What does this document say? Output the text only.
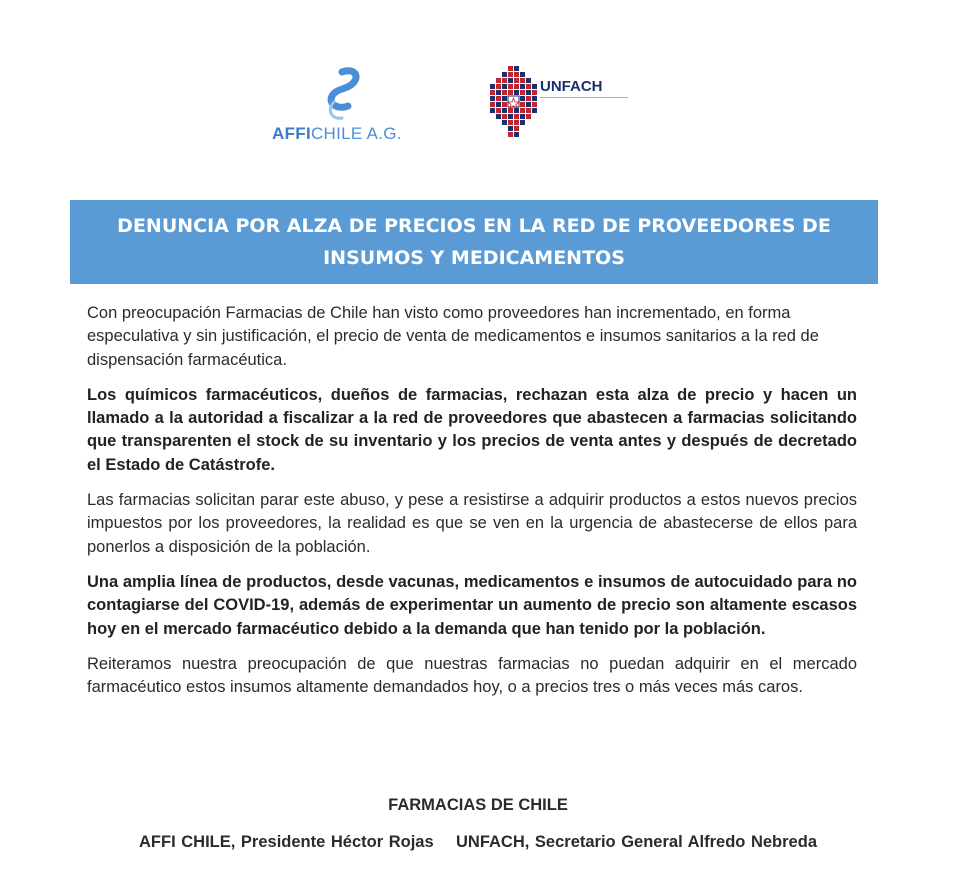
AFFICHILE A.G.
UNFACH
DENUNCIA POR ALZA DE PRECIOS EN LA RED DE PROVEEDORES DE INSUMOS Y MEDICAMENTOS

Con preocupación Farmacias de Chile han visto como proveedores han incrementado, en forma especulativa y sin justificación, el precio de venta de medicamentos e insumos sanitarios a la red de dispensación farmacéutica.

Los químicos farmacéuticos, dueños de farmacias, rechazan esta alza de precio y hacen un llamado a la autoridad a fiscalizar a la red de proveedores que abastecen a farmacias solicitando que transparenten el stock de su inventario y los precios de venta antes y después de decretado el Estado de Catástrofe.

Las farmacias solicitan parar este abuso, y pese a resistirse a adquirir productos a estos nuevos precios impuestos por los proveedores, la realidad es que se ven en la urgencia de abastecerse de ellos para ponerlos a disposición de la población.

Una amplia línea de productos, desde vacunas, medicamentos e insumos de autocuidado para no contagiarse del COVID-19, además de experimentar un aumento de precio son altamente escasos hoy en el mercado farmacéutico debido a la demanda que han tenido por la población.

Reiteramos nuestra preocupación de que nuestras farmacias no puedan adquirir en el mercado farmacéutico estos insumos altamente demandados hoy, o a precios tres o más veces más caros.

FARMACIAS DE CHILE
AFFI CHILE, Presidente Héctor Rojas UNFACH, Secretario General Alfredo Nebreda
